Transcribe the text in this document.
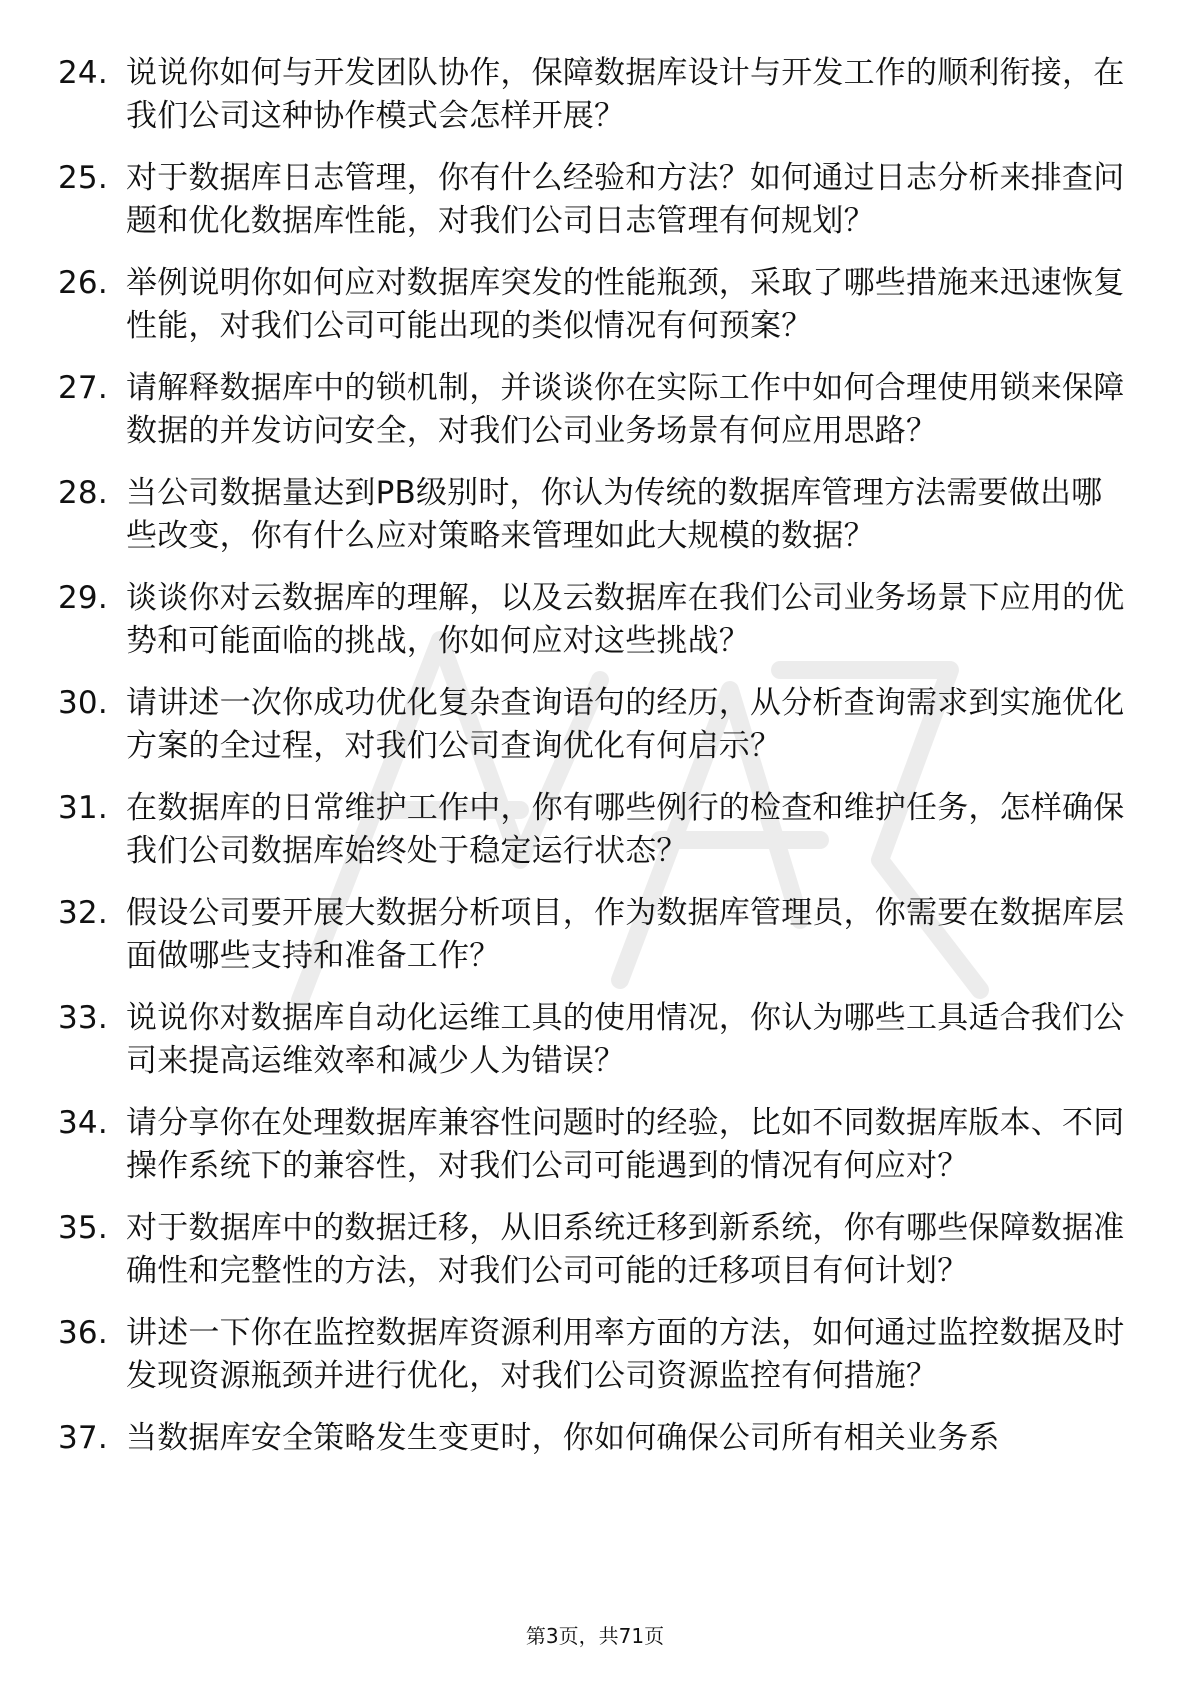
24. 说说你如何与开发团队协作，保障数据库设计与开发工作的顺利衔接，在我们公司这种协作模式会怎样开展？
25. 对于数据库日志管理，你有什么经验和方法？如何通过日志分析来排查问题和优化数据库性能，对我们公司日志管理有何规划？
26. 举例说明你如何应对数据库突发的性能瓶颈，采取了哪些措施来迅速恢复性能，对我们公司可能出现的类似情况有何预案？
27. 请解释数据库中的锁机制，并谈谈你在实际工作中如何合理使用锁来保障数据的并发访问安全，对我们公司业务场景有何应用思路？
28. 当公司数据量达到PB级别时，你认为传统的数据库管理方法需要做出哪些改变，你有什么应对策略来管理如此大规模的数据？
29. 谈谈你对云数据库的理解，以及云数据库在我们公司业务场景下应用的优势和可能面临的挑战，你如何应对这些挑战？
30. 请讲述一次你成功优化复杂查询语句的经历，从分析查询需求到实施优化方案的全过程，对我们公司查询优化有何启示？
31. 在数据库的日常维护工作中，你有哪些例行的检查和维护任务，怎样确保我们公司数据库始终处于稳定运行状态？
32. 假设公司要开展大数据分析项目，作为数据库管理员，你需要在数据库层面做哪些支持和准备工作？
33. 说说你对数据库自动化运维工具的使用情况，你认为哪些工具适合我们公司来提高运维效率和减少人为错误？
34. 请分享你在处理数据库兼容性问题时的经验，比如不同数据库版本、不同操作系统下的兼容性，对我们公司可能遇到的情况有何应对？
35. 对于数据库中的数据迁移，从旧系统迁移到新系统，你有哪些保障数据准确性和完整性的方法，对我们公司可能的迁移项目有何计划？
36. 讲述一下你在监控数据库资源利用率方面的方法，如何通过监控数据及时发现资源瓶颈并进行优化，对我们公司资源监控有何措施？
37. 当数据库安全策略发生变更时，你如何确保公司所有相关业务系
第3页，共71页
